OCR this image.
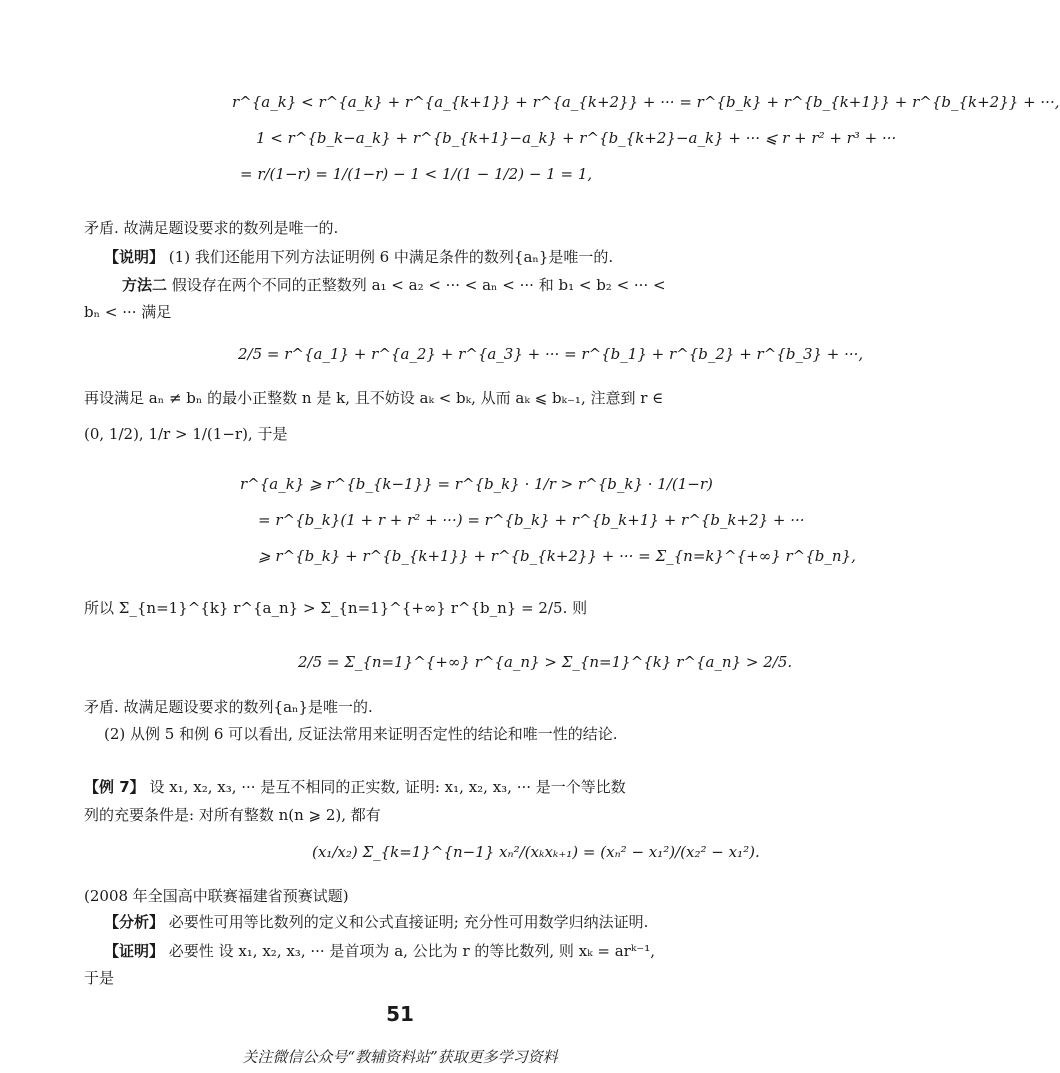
r^{a_k} < r^{a_k} + r^{a_{k+1}} + r^{a_{k+2}} + ··· = r^{b_k} + r^{b_{k+1}} + r^{b_{k+2}} + ···,
1 < r^{b_k−a_k} + r^{b_{k+1}−a_k} + r^{b_{k+2}−a_k} + ··· ⩽ r + r² + r³ + ···
= r/(1−r) = 1/(1−r) − 1 < 1/(1 − 1/2) − 1 = 1,
矛盾. 故满足题设要求的数列是唯一的.
【说明】 (1) 我们还能用下列方法证明例 6 中满足条件的数列{aₙ}是唯一的.
方法二 假设存在两个不同的正整数列 a₁ < a₂ < ··· < aₙ < ··· 和 b₁ < b₂ < ··· <
bₙ < ··· 满足
2/5 = r^{a_1} + r^{a_2} + r^{a_3} + ··· = r^{b_1} + r^{b_2} + r^{b_3} + ···,
再设满足 aₙ ≠ bₙ 的最小正整数 n 是 k, 且不妨设 aₖ < bₖ, 从而 aₖ ⩽ bₖ₋₁, 注意到 r ∈
(0, 1/2), 1/r > 1/(1−r), 于是
r^{a_k} ⩾ r^{b_{k−1}} = r^{b_k} · 1/r > r^{b_k} · 1/(1−r)
= r^{b_k}(1 + r + r² + ···) = r^{b_k} + r^{b_k+1} + r^{b_k+2} + ···
⩾ r^{b_k} + r^{b_{k+1}} + r^{b_{k+2}} + ··· = Σ_{n=k}^{+∞} r^{b_n},
所以 Σ_{n=1}^{k} r^{a_n} > Σ_{n=1}^{+∞} r^{b_n} = 2/5. 则
2/5 = Σ_{n=1}^{+∞} r^{a_n} > Σ_{n=1}^{k} r^{a_n} > 2/5.
矛盾. 故满足题设要求的数列{aₙ}是唯一的.
(2) 从例 5 和例 6 可以看出, 反证法常用来证明否定性的结论和唯一性的结论.
【例 7】 设 x₁, x₂, x₃, ··· 是互不相同的正实数, 证明: x₁, x₂, x₃, ··· 是一个等比数
列的充要条件是: 对所有整数 n(n ⩾ 2), 都有
(x₁/x₂) Σ_{k=1}^{n−1} xₙ²/(xₖxₖ₊₁) = (xₙ² − x₁²)/(x₂² − x₁²).
(2008 年全国高中联赛福建省预赛试题)
【分析】 必要性可用等比数列的定义和公式直接证明; 充分性可用数学归纳法证明.
【证明】 必要性 设 x₁, x₂, x₃, ··· 是首项为 a, 公比为 r 的等比数列, 则 xₖ = arᵏ⁻¹,
于是
51
关注微信公众号“教辅资料站”获取更多学习资料
